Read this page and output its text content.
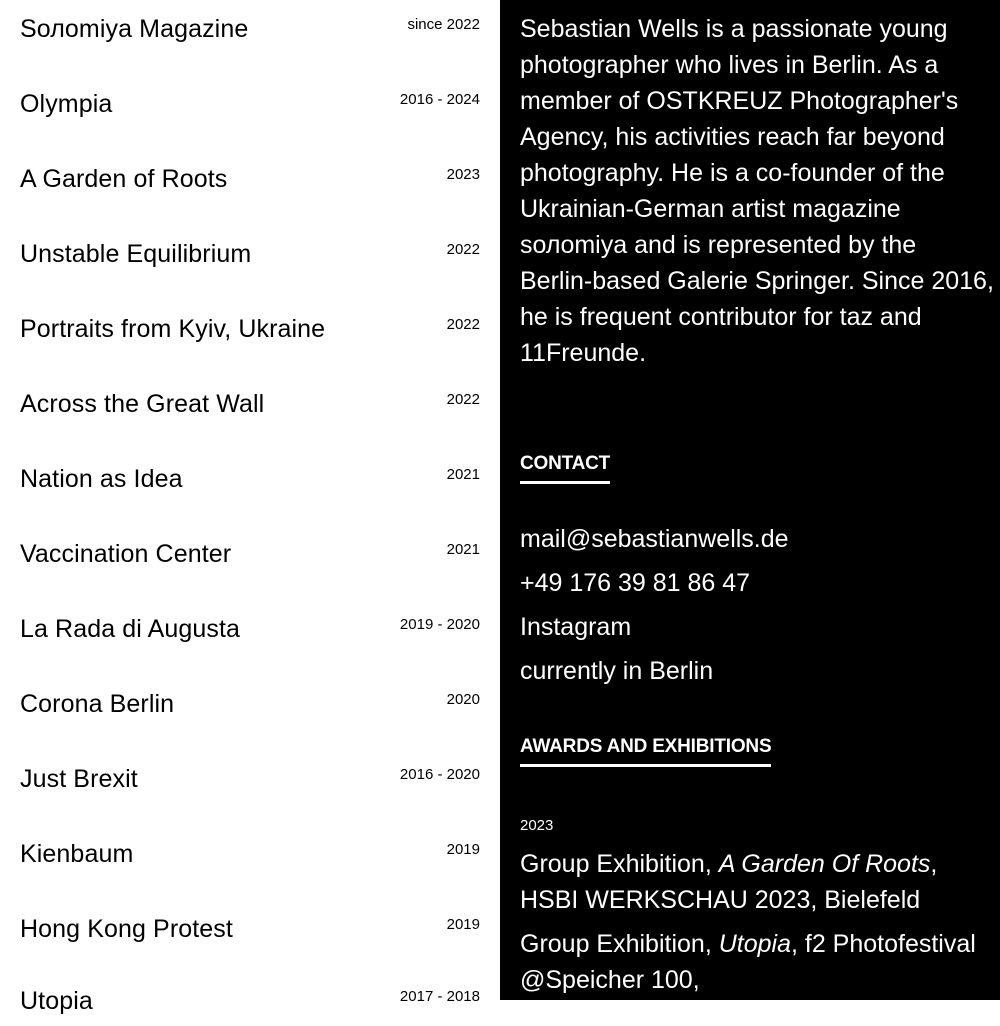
Sолomiya Magazine	since 2022
Olympia	2016 - 2024
A Garden of Roots	2023
Unstable Equilibrium	2022
Portraits from Kyiv, Ukraine	2022
Across the Great Wall	2022
Nation as Idea	2021
Vaccination Center	2021
La Rada di Augusta	2019 - 2020
Corona Berlin	2020
Just Brexit	2016 - 2020
Kienbaum	2019
Hong Kong Protest	2019
Utopia	2017 - 2018

Sebastian Wells is a passionate young photographer who lives in Berlin. As a member of OSTKREUZ Photographer's Agency, his activities reach far beyond photography. He is a co-founder of the Ukrainian-German artist magazine sолomiya and is represented by the Berlin-based Galerie Springer. Since 2016, he is frequent contributor for taz and 11Freunde.

CONTACT
mail@sebastianwells.de
+49 176 39 81 86 47
Instagram
currently in Berlin
AWARDS AND EXHIBITIONS
2023

Group Exhibition, A Garden Of Roots, HSBI WERKSCHAU 2023, Bielefeld

Group Exhibition, Utopia, f2 Photofestival @Speicher 100,
